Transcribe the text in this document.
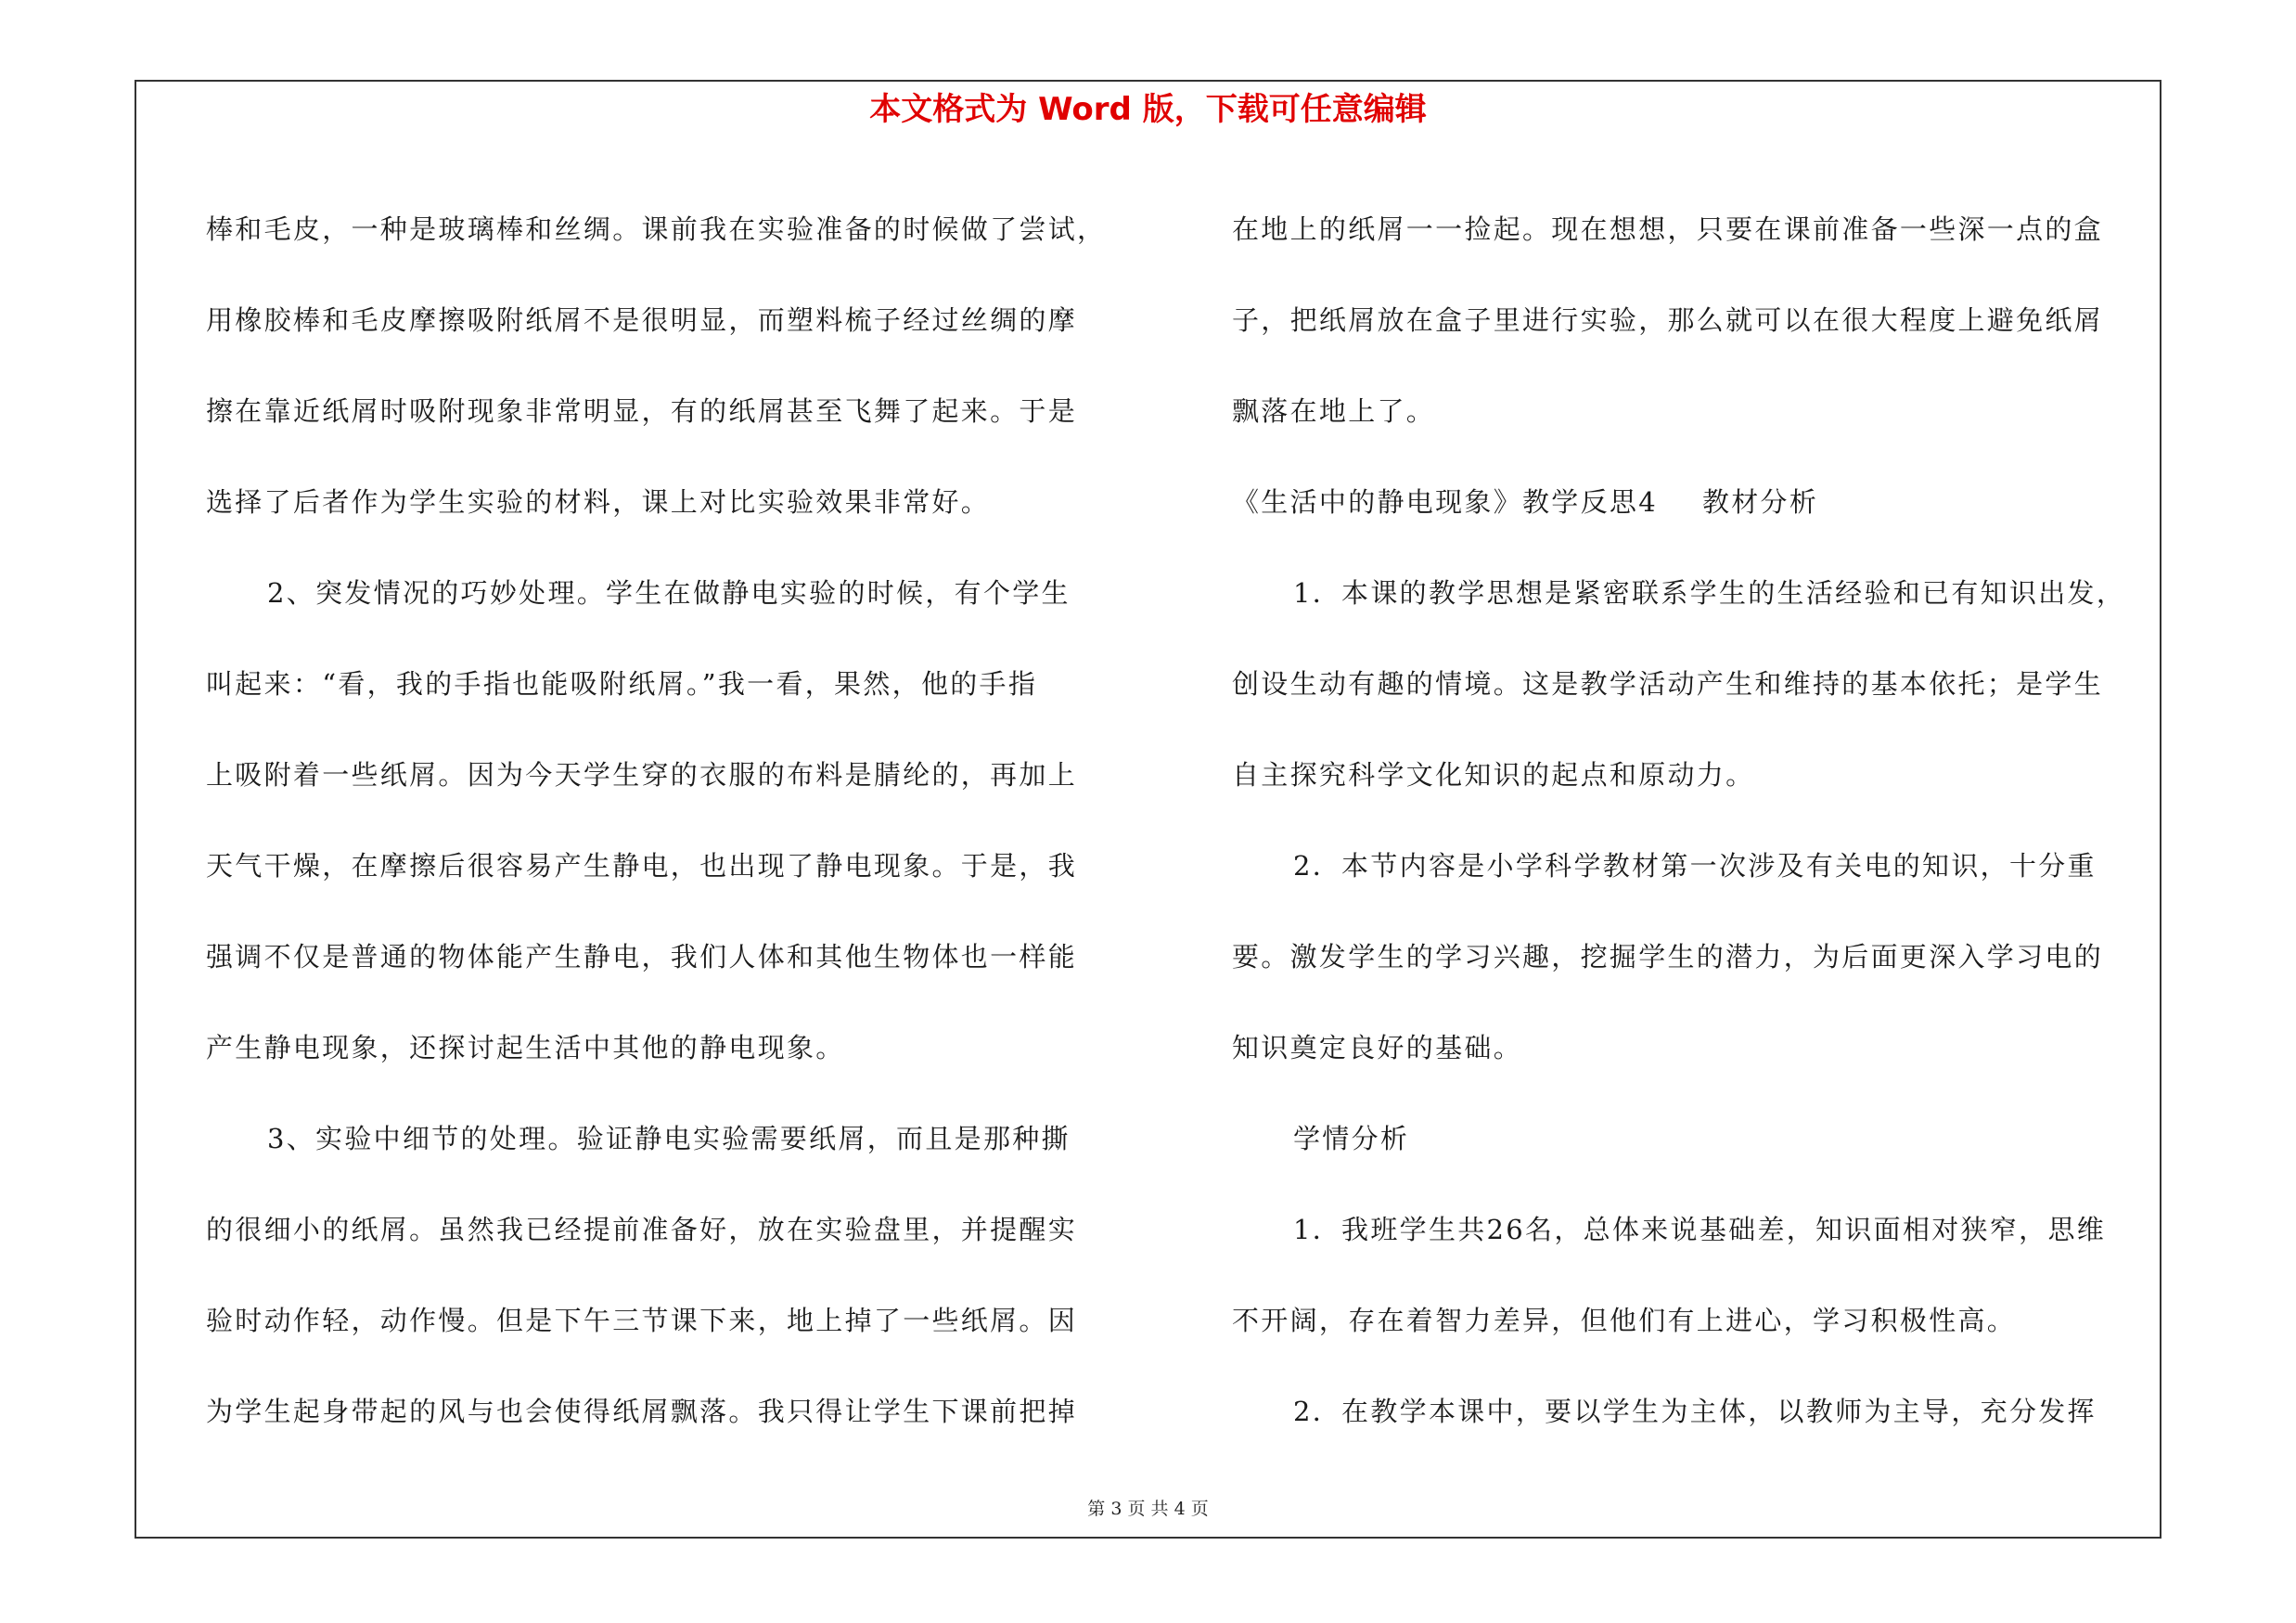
本文格式为 Word 版，下载可任意编辑
棒和毛皮，一种是玻璃棒和丝绸。课前我在实验准备的时候做了尝试，
用橡胶棒和毛皮摩擦吸附纸屑不是很明显，而塑料梳子经过丝绸的摩
擦在靠近纸屑时吸附现象非常明显，有的纸屑甚至飞舞了起来。于是
选择了后者作为学生实验的材料，课上对比实验效果非常好。
2、突发情况的巧妙处理。学生在做静电实验的时候，有个学生
叫起来：“看，我的手指也能吸附纸屑。”我一看，果然，他的手指
上吸附着一些纸屑。因为今天学生穿的衣服的布料是腈纶的，再加上
天气干燥，在摩擦后很容易产生静电，也出现了静电现象。于是，我
强调不仅是普通的物体能产生静电，我们人体和其他生物体也一样能
产生静电现象，还探讨起生活中其他的静电现象。
3、实验中细节的处理。验证静电实验需要纸屑，而且是那种撕
的很细小的纸屑。虽然我已经提前准备好，放在实验盘里，并提醒实
验时动作轻，动作慢。但是下午三节课下来，地上掉了一些纸屑。因
为学生起身带起的风与也会使得纸屑飘落。我只得让学生下课前把掉
在地上的纸屑一一捡起。现在想想，只要在课前准备一些深一点的盒
子，把纸屑放在盒子里进行实验，那么就可以在很大程度上避免纸屑
飘落在地上了。
《生活中的静电现象》教学反思4 教材分析
1．本课的教学思想是紧密联系学生的生活经验和已有知识出发，
创设生动有趣的情境。这是教学活动产生和维持的基本依托；是学生
自主探究科学文化知识的起点和原动力。
2．本节内容是小学科学教材第一次涉及有关电的知识，十分重
要。激发学生的学习兴趣，挖掘学生的潜力，为后面更深入学习电的
知识奠定良好的基础。
学情分析
1．我班学生共26名，总体来说基础差，知识面相对狭窄，思维
不开阔，存在着智力差异，但他们有上进心，学习积极性高。
2．在教学本课中，要以学生为主体，以教师为主导，充分发挥
第 3 页 共 4 页
